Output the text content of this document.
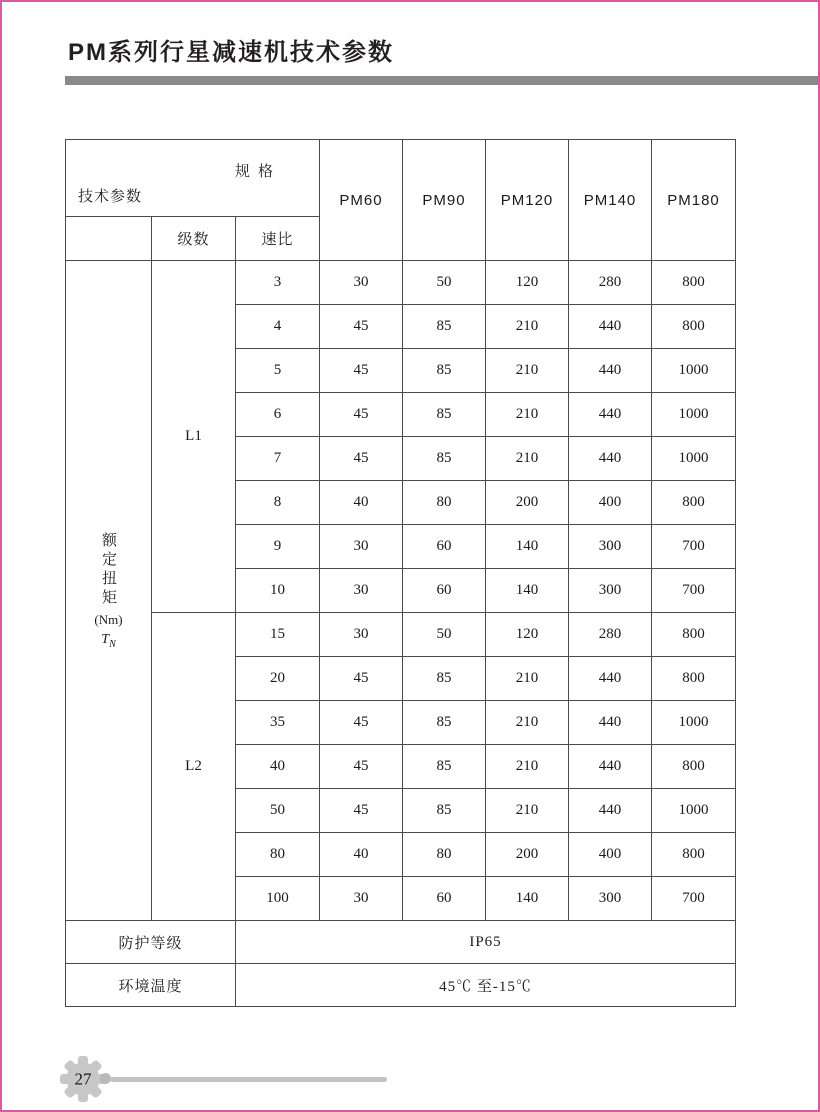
PM系列行星减速机技术参数
规 格
技术参数			PM60	PM90	PM120	PM140	PM180
	级数	速比					

额定扭矩
(Nm)
$T_N$	L1	3	30	50	120	280	800
		4	45	85	210	440	800
		5	45	85	210	440	1000
		6	45	85	210	440	1000
		7	45	85	210	440	1000
		8	40	80	200	400	800
		9	30	60	140	300	700
		10	30	60	140	300	700
	L2	15	30	50	120	280	800
		20	45	85	210	440	800
		35	45	85	210	440	1000
		40	45	85	210	440	800
		50	45	85	210	440	1000
		80	40	80	200	400	800
		100	30	60	140	300	700
防护等级		IP65					
环境温度		45℃ 至-15℃					
27
